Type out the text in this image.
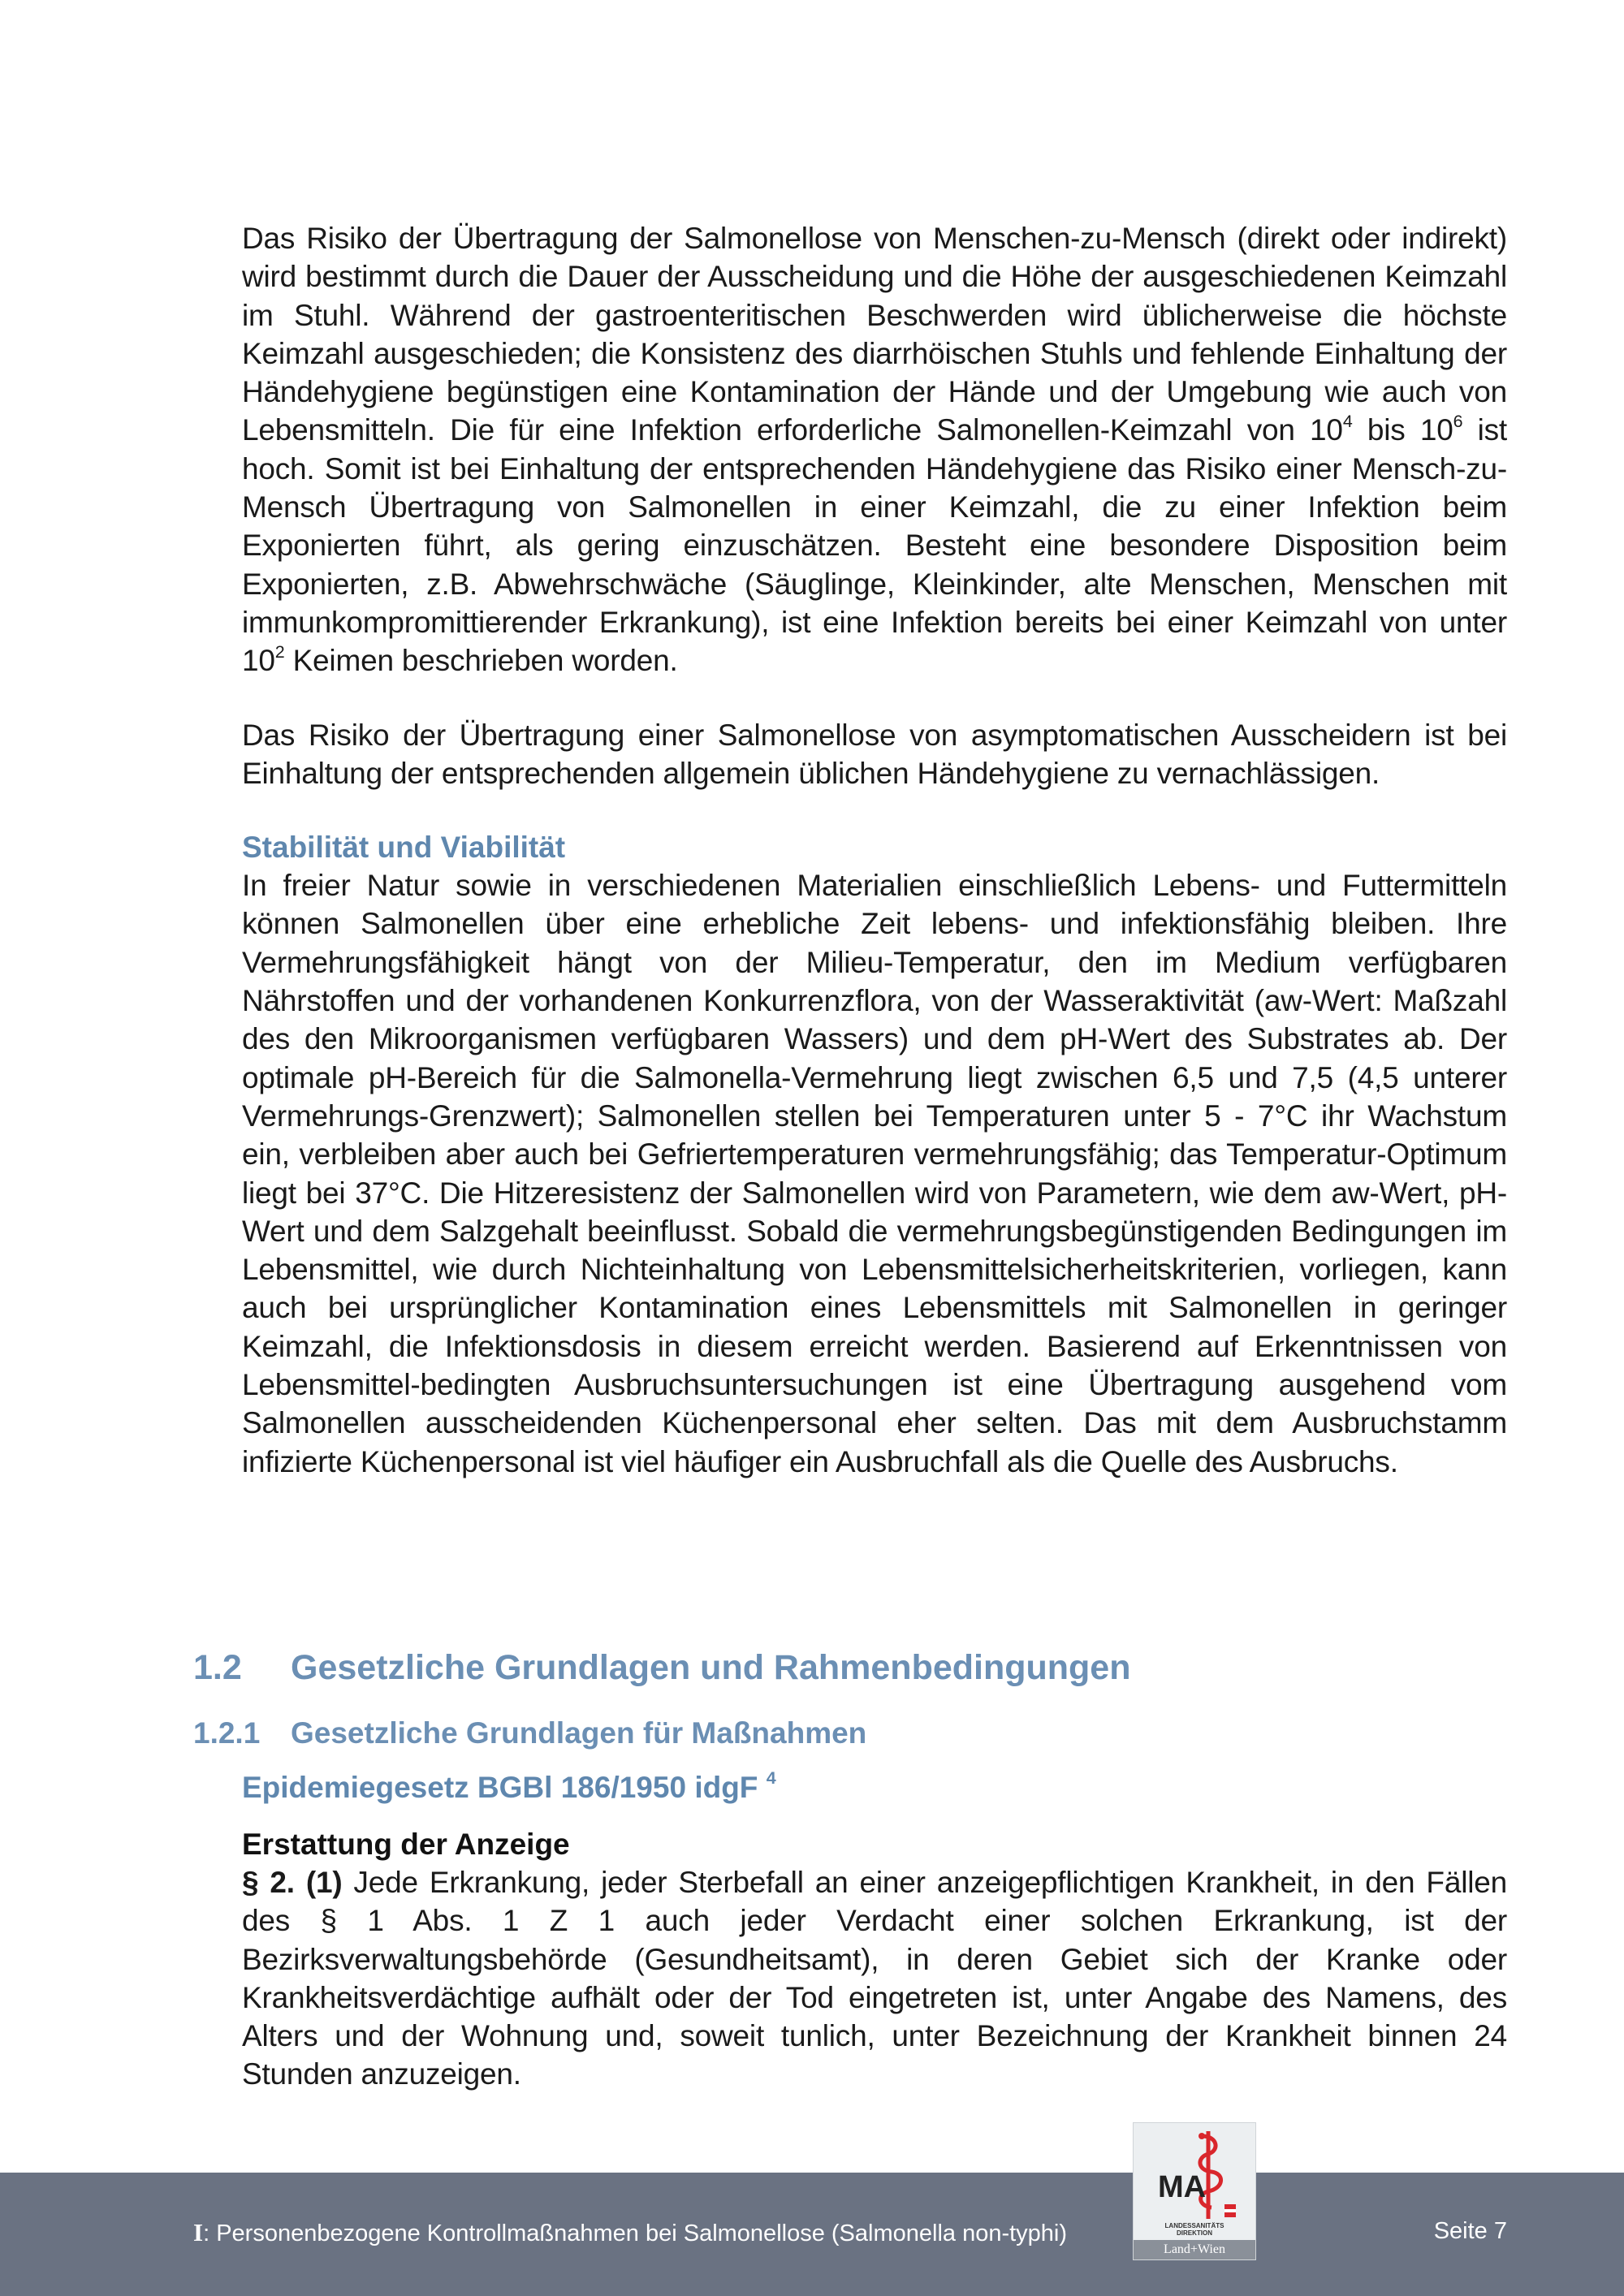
Das Risiko der Übertragung der Salmonellose von Menschen-zu-Mensch (direkt oder indirekt) wird bestimmt durch die Dauer der Ausscheidung und die Höhe der ausgeschiedenen Keimzahl im Stuhl. Während der gastroenteritischen Beschwerden wird üblicherweise die höchste Keimzahl ausgeschieden; die Konsistenz des diarrhöischen Stuhls und fehlende Einhaltung der Händehygiene begünstigen eine Kontamination der Hände und der Umgebung wie auch von Lebensmitteln. Die für eine Infektion erforderliche Salmonellen-Keimzahl von $10^4$ bis $10^6$ ist hoch. Somit ist bei Einhaltung der entsprechenden Händehygiene das Risiko einer Mensch-zu-Mensch Übertragung von Salmonellen in einer Keimzahl, die zu einer Infektion beim Exponierten führt, als gering einzuschätzen. Besteht eine besondere Disposition beim Exponierten, z.B. Abwehrschwäche (Säuglinge, Kleinkinder, alte Menschen, Menschen mit immunkompromittierender Erkrankung), ist eine Infektion bereits bei einer Keimzahl von unter $10^2$ Keimen beschrieben worden.

Das Risiko der Übertragung einer Salmonellose von asymptomatischen Ausscheidern ist bei Einhaltung der entsprechenden allgemein üblichen Händehygiene zu vernachlässigen.

Stabilität und Viabilität

In freier Natur sowie in verschiedenen Materialien einschließlich Lebens- und Futtermitteln können Salmonellen über eine erhebliche Zeit lebens- und infektionsfähig bleiben. Ihre Vermehrungsfähigkeit hängt von der Milieu-Temperatur, den im Medium verfügbaren Nährstoffen und der vorhandenen Konkurrenzflora, von der Wasseraktivität (aw-Wert: Maßzahl des den Mikroorganismen verfügbaren Wassers) und dem pH-Wert des Substrates ab. Der optimale pH-Bereich für die Salmonella-Vermehrung liegt zwischen 6,5 und 7,5 (4,5 unterer Vermehrungs-Grenzwert); Salmonellen stellen bei Temperaturen unter 5 - 7°C ihr Wachstum ein, verbleiben aber auch bei Gefriertemperaturen vermehrungsfähig; das Temperatur-Optimum liegt bei 37°C. Die Hitzeresistenz der Salmonellen wird von Parametern, wie dem aw-Wert, pH-Wert und dem Salzgehalt beeinflusst. Sobald die vermehrungsbegünstigenden Bedingungen im Lebensmittel, wie durch Nichteinhaltung von Lebensmittelsicherheitskriterien, vorliegen, kann auch bei ursprünglicher Kontamination eines Lebensmittels mit Salmonellen in geringer Keimzahl, die Infektionsdosis in diesem erreicht werden. Basierend auf Erkenntnissen von Lebensmittel-bedingten Ausbruchsuntersuchungen ist eine Übertragung ausgehend vom Salmonellen ausscheidenden Küchenpersonal eher selten. Das mit dem Ausbruchstamm infizierte Küchenpersonal ist viel häufiger ein Ausbruchfall als die Quelle des Ausbruchs.

1.2	Gesetzliche Grundlagen und Rahmenbedingungen
1.2.1	Gesetzliche Grundlagen für Maßnahmen

Epidemiegesetz BGBl 186/1950 idgF $^4$

Erstattung der Anzeige

§ 2. (1) Jede Erkrankung, jeder Sterbefall an einer anzeigepflichtigen Krankheit, in den Fällen des § 1 Abs. 1 Z 1 auch jeder Verdacht einer solchen Erkrankung, ist der Bezirksverwaltungsbehörde (Gesundheitsamt), in deren Gebiet sich der Kranke oder Krankheitsverdächtige aufhält oder der Tod eingetreten ist, unter Angabe des Namens, des Alters und der Wohnung und, soweit tunlich, unter Bezeichnung der Krankheit binnen 24 Stunden anzuzeigen.

I: Personenbezogene Kontrollmaßnahmen bei Salmonellose (Salmonella non-typhi)	Seite 7
MA
LANDESSANITÄTS
DIREKTION
Land+Wien
